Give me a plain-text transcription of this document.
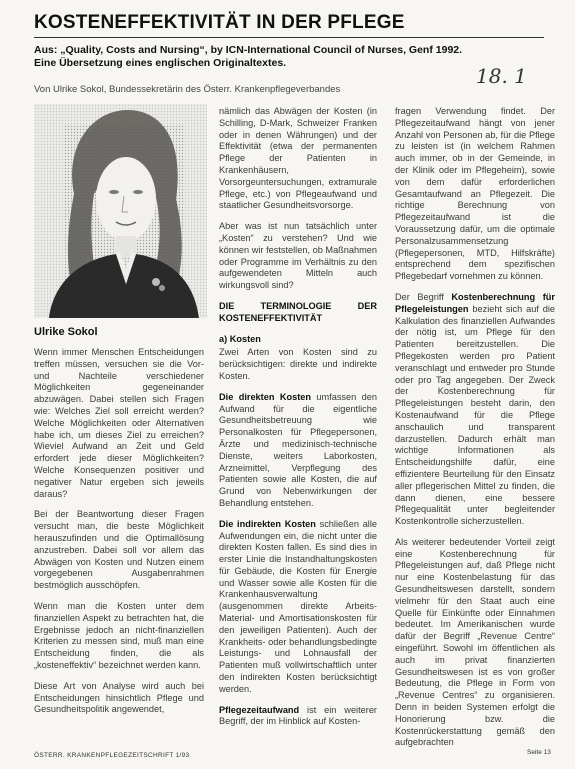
KOSTENEFFEKTIVITÄT IN DER PFLEGE
Aus: „Quality, Costs and Nursing“, by ICN-International Council of Nurses, Genf 1992.
Eine Übersetzung eines englischen Originaltextes.
18. 1
Von Ulrike Sokol, Bundessekretärin des Österr. Krankenpflegeverbandes
Ulrike Sokol

Wenn immer Menschen Entscheidungen treffen müssen, versuchen sie die Vor- und Nachteile verschiedener Möglichkeiten gegeneinander abzuwägen. Dabei stellen sich Fragen wie: Welches Ziel soll erreicht werden? Welche Möglichkeiten oder Alternativen habe ich, um dieses Ziel zu erreichen? Wieviel Aufwand an Zeit und Geld erfordert jede dieser Möglichkeiten? Welche Konsequenzen positiver und negativer Natur ergeben sich jeweils daraus?

Bei der Beantwortung dieser Fragen versucht man, die beste Möglichkeit herauszufinden und die Optimallösung anzustreben. Dabei soll vor allem das Abwägen von Kosten und Nutzen einem vorgegebenen Ausgabenrahmen bestmöglich ausschöpfen.

Wenn man die Kosten unter dem finanziellen Aspekt zu betrachten hat, die Ergebnisse jedoch an nicht-finanziellen Kriterien zu messen sind, muß man eine Entscheidung finden, die als „kosteneffektiv“ bezeichnet werden kann.

Diese Art von Analyse wird auch bei Entscheidungen hinsichtlich Pflege und Gesundheitspolitik angewendet,

nämlich das Abwägen der Kosten (in Schilling, D-Mark, Schweizer Franken oder in denen Währungen) und der Effektivität (etwa der permanenten Pflege der Patienten in Krankenhäusern, Vorsorgeuntersuchungen, extramurale Pflege, etc.) von Pflegeaufwand und staatlicher Gesundheitsvorsorge.

Aber was ist nun tatsächlich unter „Kosten“ zu verstehen? Und wie können wir feststellen, ob Maßnahmen oder Programme im Verhältnis zu den aufgewendeten Mitteln auch wirkungsvoll sind?

DIE TERMINOLOGIE DER KOSTENEFFEKTIVITÄT

a) Kosten

Zwei Arten von Kosten sind zu berücksichtigen: direkte und indirekte Kosten.

Die direkten Kosten umfassen den Aufwand für die eigentliche Gesundheitsbetreuung wie Personalkosten für Pflegepersonen, Ärzte und medizinisch-technische Dienste, weiters Laborkosten, Arzneimittel, Verpflegung des Patienten sowie alle Kosten, die auf Grund von Nebenwirkungen der Behandlung entstehen.

Die indirekten Kosten schließen alle Aufwendungen ein, die nicht unter die direkten Kosten fallen. Es sind dies in erster Linie die Instandhaltungskosten für Gebäude, die Kosten für Energie und Wasser sowie alle Kosten für die Krankenhausverwaltung (ausgenommen direkte Arbeits-Material- und Amortisationskosten für den jeweiligen Patienten). Auch der Krankheits- oder behandlungsbedingte Leistungs- und Lohnausfall der Patienten muß vollwirtschaftlich unter den indirekten Kosten berücksichtigt werden.

Pflegezeitaufwand ist ein weiterer Begriff, der im Hinblick auf Kosten-

fragen Verwendung findet. Der Pflegezeitaufwand hängt von jener Anzahl von Personen ab, für die Pflege zu leisten ist (in welchem Rahmen auch immer, ob in der Gemeinde, in der Klinik oder im Pflegeheim), sowie von dem dafür erforderlichen Gesamtaufwand an Pflegezeit. Die richtige Berechnung von Pflegezeitaufwand ist die Voraussetzung dafür, um die optimale Personalzusammensetzung (Pflegepersonen, MTD, Hilfskräfte) entsprechend dem spezifischen Pflegebedarf vornehmen zu können.

Der Begriff Kostenberechnung für Pflegeleistungen bezieht sich auf die Kalkulation des finanziellen Aufwandes der nötig ist, um Pflege für den Patienten bereitzustellen. Die Pflegekosten werden pro Patient veranschlagt und entweder pro Stunde oder pro Tag angegeben. Der Zweck der Kostenberechnung für Pflegeleistungen besteht darin, den Kostenaufwand für die Pflege anschaulich und transparent darzustellen. Dadurch erhält man wichtige Informationen als Entscheidungshilfe dafür, eine effizientere Beurteilung für den Einsatz aller pflegerischen Mittel zu finden, die dann dienen, eine bessere Pflegequalität unter begleitender Kostenkontrolle sicherzustellen.

Als weiterer bedeutender Vorteil zeigt eine Kostenberechnung für Pflegeleistungen auf, daß Pflege nicht nur eine Kostenbelastung für das Gesundheitswesen darstellt, sondern vielmehr für den Staat auch eine Quelle für Einkünfte oder Einnahmen bedeutet. Im Amerikanischen wurde dafür der Begriff „Revenue Centre“ eingeführt. Sowohl im öffentlichen als auch im privat finanzierten Gesundheitswesen ist es von großer Bedeutung, die Pflege in Form von „Revenue Centres“ zu organisieren. Denn in beiden Systemen erfolgt die Honorierung bzw. die Kostenrückerstattung gemäß den aufgebrachten

ÖSTERR. KRANKENPFLEGEZEITSCHRIFT 1/93	Seite 13
